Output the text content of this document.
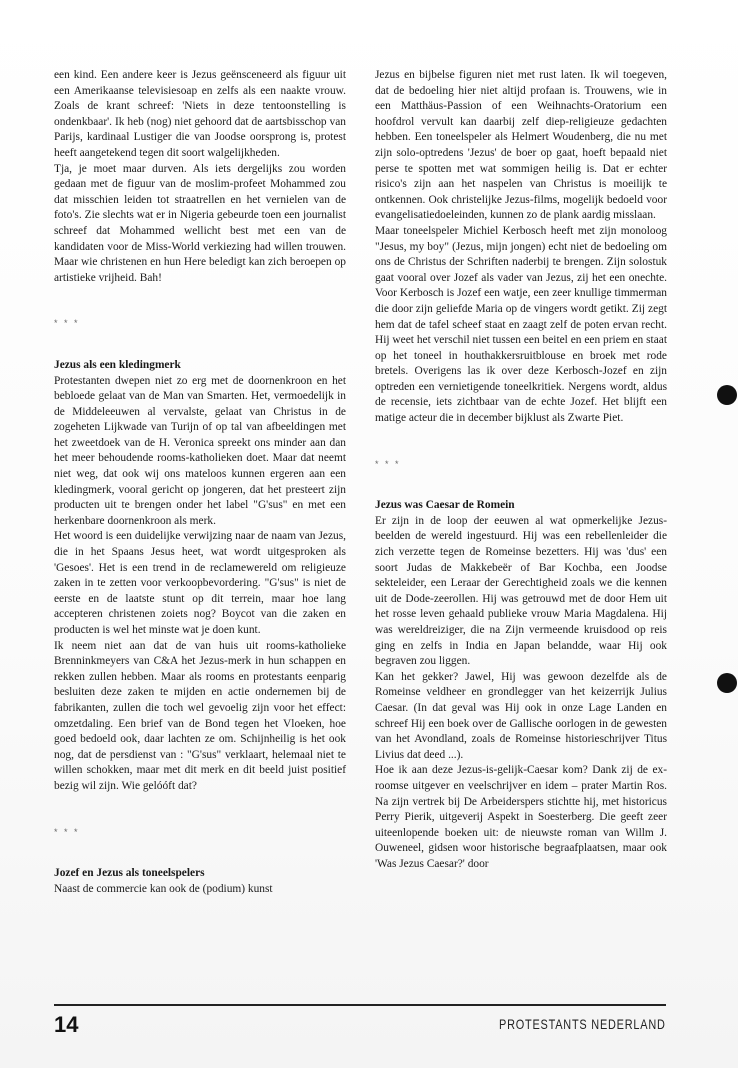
een kind. Een andere keer is Jezus geënsceneerd als figuur uit een Amerikaanse televisiesoap en zelfs als een naakte vrouw. Zoals de krant schreef: 'Niets in deze tentoonstelling is ondenkbaar'. Ik heb (nog) niet gehoord dat de aartsbisschop van Parijs, kardinaal Lustiger die van Joodse oorsprong is, protest heeft aangetekend tegen dit soort walgelijkheden.

Tja, je moet maar durven. Als iets dergelijks zou worden gedaan met de figuur van de moslim-profeet Mohammed zou dat misschien leiden tot straatrellen en het vernielen van de foto's. Zie slechts wat er in Nigeria gebeurde toen een journalist schreef dat Mohammed wellicht best met een van de kandidaten voor de Miss-World verkiezing had willen trouwen. Maar wie christenen en hun Here beledigt kan zich beroepen op artistieke vrijheid. Bah!

* * *

Jezus als een kledingmerk

Protestanten dwepen niet zo erg met de doornenkroon en het bebloede gelaat van de Man van Smarten. Het, vermoedelijk in de Middeleeuwen al vervalste, gelaat van Christus in de zogeheten Lijkwade van Turijn of op tal van afbeeldingen met het zweetdoek van de H. Veronica spreekt ons minder aan dan het meer behoudende rooms-katholieken doet. Maar dat neemt niet weg, dat ook wij ons mateloos kunnen ergeren aan een kledingmerk, vooral gericht op jongeren, dat het presteert zijn producten uit te brengen onder het label "G'sus" en met een herkenbare doornenkroon als merk.

Het woord is een duidelijke verwijzing naar de naam van Jezus, die in het Spaans Jesus heet, wat wordt uitgesproken als 'Gesoes'. Het is een trend in de reclamewereld om religieuze zaken in te zetten voor verkoopbevordering. "G'sus" is niet de eerste en de laatste stunt op dit terrein, maar hoe lang accepteren christenen zoiets nog? Boycot van die zaken en producten is wel het minste wat je doen kunt.

Ik neem niet aan dat de van huis uit rooms-katholieke Brenninkmeyers van C&A het Jezus-merk in hun schappen en rekken zullen hebben. Maar als rooms en protestants eenparig besluiten deze zaken te mijden en actie ondernemen bij de fabrikanten, zullen die toch wel gevoelig zijn voor het effect: omzetdaling. Een brief van de Bond tegen het Vloeken, hoe goed bedoeld ook, daar lachten ze om. Schijnheilig is het ook nog, dat de persdienst van : "G'sus" verklaart, helemaal niet te willen schokken, maar met dit merk en dit beeld juist positief bezig wil zijn. Wie gelóóft dat?

* * *

Jozef en Jezus als toneelspelers

Naast de commercie kan ook de (podium) kunst

Jezus en bijbelse figuren niet met rust laten. Ik wil toegeven, dat de bedoeling hier niet altijd profaan is. Trouwens, wie in een Matthäus-Passion of een Weihnachts-Oratorium een hoofdrol vervult kan daarbij zelf diep-religieuze gedachten hebben. Een toneelspeler als Helmert Woudenberg, die nu met zijn solo-optredens 'Jezus' de boer op gaat, hoeft bepaald niet perse te spotten met wat sommigen heilig is. Dat er echter risico's zijn aan het naspelen van Christus is moeilijk te ontkennen. Ook christelijke Jezus-films, mogelijk bedoeld voor evangelisatiedoeleinden, kunnen zo de plank aardig misslaan.

Maar toneelspeler Michiel Kerbosch heeft met zijn monoloog "Jesus, my boy" (Jezus, mijn jongen) echt niet de bedoeling om ons de Christus der Schriften naderbij te brengen. Zijn solostuk gaat vooral over Jozef als vader van Jezus, zij het een onechte. Voor Kerbosch is Jozef een watje, een zeer knullige timmerman die door zijn geliefde Maria op de vingers wordt getikt. Zij zegt hem dat de tafel scheef staat en zaagt zelf de poten ervan recht. Hij weet het verschil niet tussen een beitel en een priem en staat op het toneel in houthakkersruitblouse en broek met rode bretels. Overigens las ik over deze Kerbosch-Jozef en zijn optreden een vernietigende toneelkritiek. Nergens wordt, aldus de recensie, iets zichtbaar van de echte Jozef. Het blijft een matige acteur die in december bijklust als Zwarte Piet.

* * *

Jezus was Caesar de Romein

Er zijn in de loop der eeuwen al wat opmerkelijke Jezus-beelden de wereld ingestuurd. Hij was een rebellenleider die zich verzette tegen de Romeinse bezetters. Hij was 'dus' een soort Judas de Makkebeër of Bar Kochba, een Joodse sekteleider, een Leraar der Gerechtigheid zoals we die kennen uit de Dode-zeerollen. Hij was getrouwd met de door Hem uit het rosse leven gehaald publieke vrouw Maria Magdalena. Hij was wereldreiziger, die na Zijn vermeende kruisdood op reis ging en zelfs in India en Japan belandde, waar Hij ook begraven zou liggen.

Kan het gekker? Jawel, Hij was gewoon dezelfde als de Romeinse veldheer en grondlegger van het keizerrijk Julius Caesar. (In dat geval was Hij ook in onze Lage Landen en schreef Hij een boek over de Gallische oorlogen in de gewesten van het Avondland, zoals de Romeinse historieschrijver Titus Livius dat deed ...).

Hoe ik aan deze Jezus-is-gelijk-Caesar kom? Dank zij de ex-roomse uitgever en veelschrijver en idem – prater Martin Ros. Na zijn vertrek bij De Arbeiderspers stichtte hij, met historicus Perry Pierik, uitgeverij Aspekt in Soesterberg. Die geeft zeer uiteenlopende boeken uit: de nieuwste roman van Willm J. Ouweneel, gidsen woor historische begraafplaatsen, maar ook 'Was Jezus Caesar?' door

14	PROTESTANTS NEDERLAND
